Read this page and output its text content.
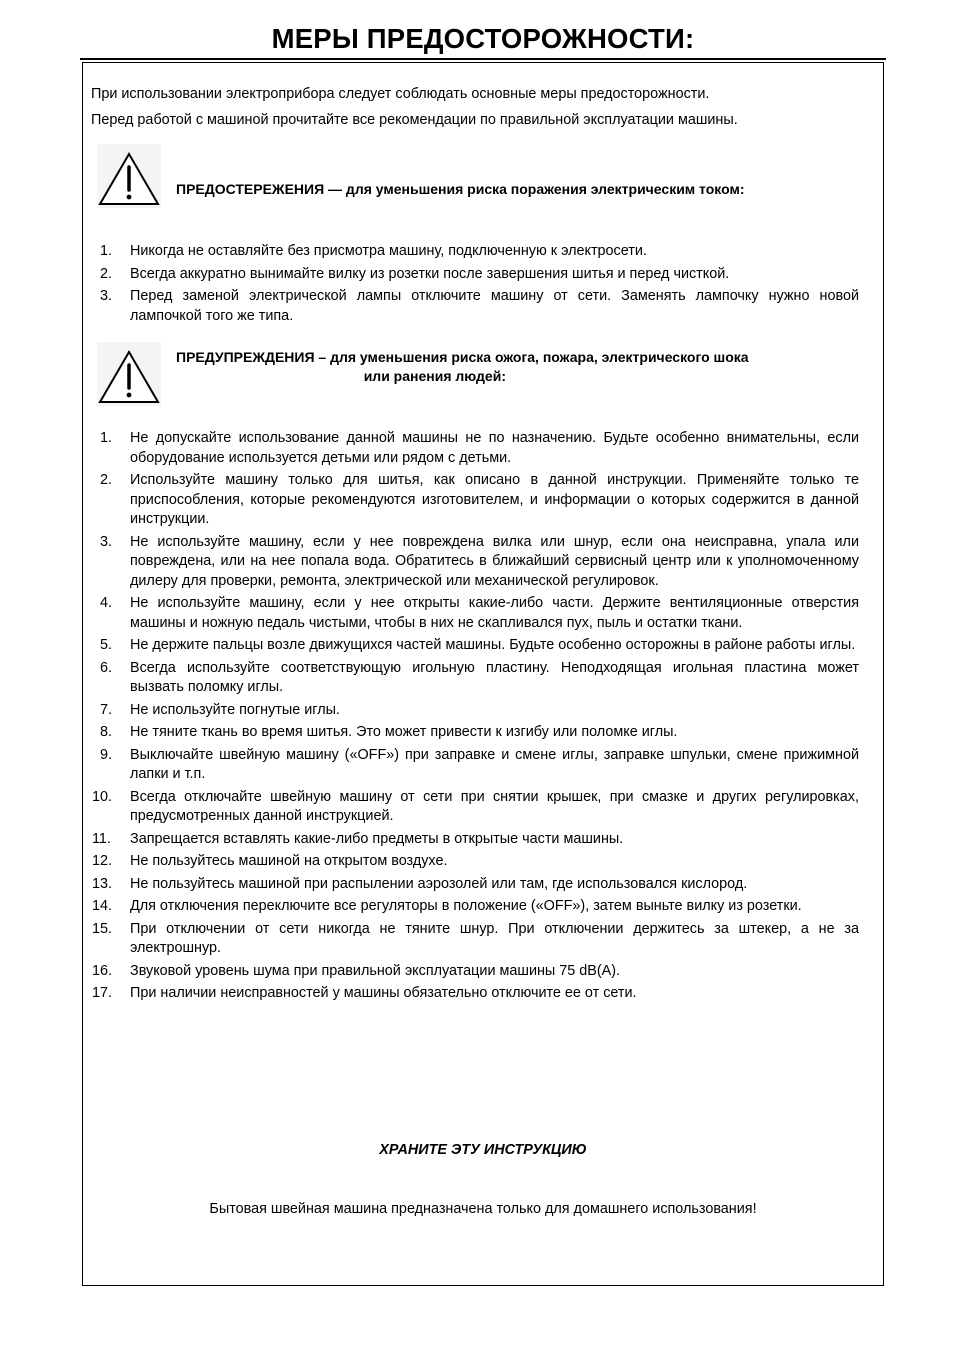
МЕРЫ ПРЕДОСТОРОЖНОСТИ:
При использовании электроприбора следует соблюдать основные меры предосторожности.
Перед работой с машиной прочитайте все рекомендации по правильной эксплуатации машины.
ПРЕДОСТЕРЕЖЕНИЯ — для уменьшения риска поражения электрическим током:
1. Никогда не оставляйте без присмотра машину, подключенную к электросети.
2. Всегда аккуратно вынимайте вилку из розетки после завершения шитья и перед чисткой.
3. Перед заменой электрической лампы отключите машину от сети. Заменять лампочку нужно новой лампочкой того же типа.
ПРЕДУПРЕЖДЕНИЯ – для уменьшения риска ожога, пожара, электрического шока
или ранения людей:
1. Не допускайте использование данной машины не по назначению. Будьте особенно внимательны, если оборудование используется детьми или рядом с детьми.
2. Используйте машину только для шитья, как описано в данной инструкции. Применяйте только те приспособления, которые рекомендуются изготовителем, и информации о которых содержится в данной инструкции.
3. Не используйте машину, если у нее повреждена вилка или шнур, если она неисправна, упала или повреждена, или на нее попала вода. Обратитесь в ближайший сервисный центр или к уполномоченному дилеру для проверки, ремонта, электрической или механической регулировок.
4. Не используйте машину, если у нее открыты какие-либо части. Держите вентиляционные отверстия машины и ножную педаль чистыми, чтобы в них не скапливался пух, пыль и остатки ткани.
5. Не держите пальцы возле движущихся частей машины. Будьте особенно осторожны в районе работы иглы.
6. Всегда используйте соответствующую игольную пластину. Неподходящая игольная пластина может вызвать поломку иглы.
7. Не используйте погнутые иглы.
8. Не тяните ткань во время шитья. Это может привести к изгибу или поломке иглы.
9. Выключайте швейную машину («OFF») при заправке и смене иглы, заправке шпульки, смене прижимной лапки и т.п.
10. Всегда отключайте швейную машину от сети при снятии крышек, при смазке и других регулировках, предусмотренных данной инструкцией.
11. Запрещается вставлять какие-либо предметы в открытые части машины.
12. Не пользуйтесь машиной на открытом воздухе.
13. Не пользуйтесь машиной при распылении аэрозолей или там, где использовался кислород.
14. Для отключения переключите все регуляторы в положение («OFF»), затем выньте вилку из розетки.
15. При отключении от сети никогда не тяните шнур. При отключении держитесь за штекер, а не за электрошнур.
16. Звуковой уровень шума при правильной эксплуатации машины 75 dB(A).
17. При наличии неисправностей у машины обязательно отключите ее от сети.
ХРАНИТЕ ЭТУ ИНСТРУКЦИЮ
Бытовая швейная машина предназначена только для домашнего использования!
